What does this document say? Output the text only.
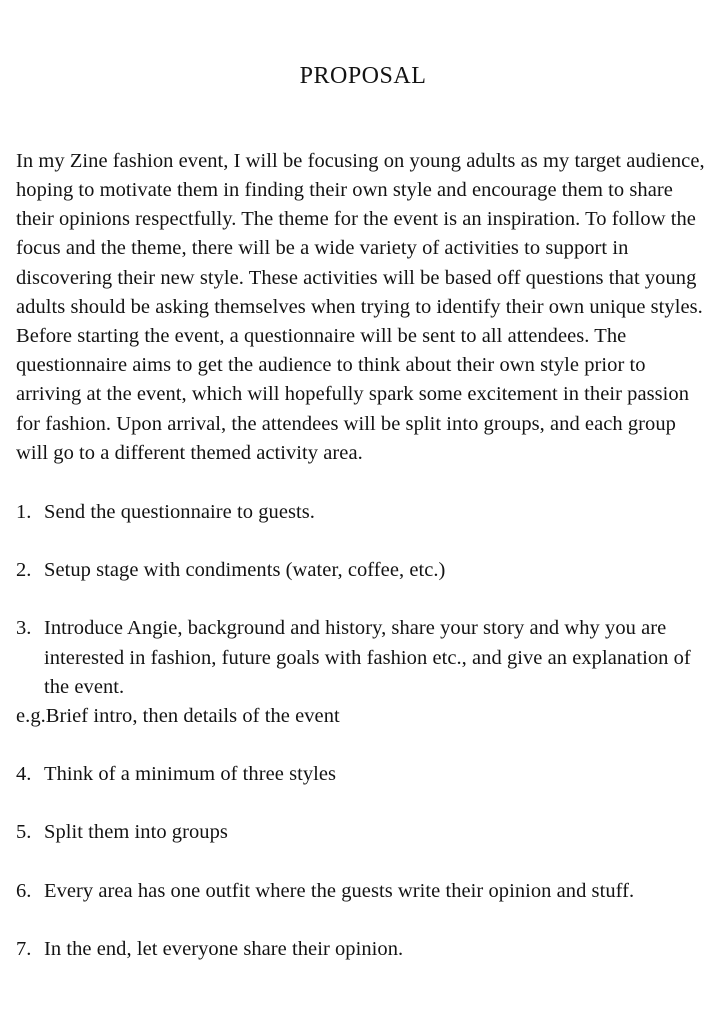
PROPOSAL

In my Zine fashion event, I will be focusing on young adults as my target audience, hoping to motivate them in finding their own style and encourage them to share their opinions respectfully. The theme for the event is an inspiration. To follow the focus and the theme, there will be a wide variety of activities to support in discovering their new style. These activities will be based off questions that young adults should be asking themselves when trying to identify their own unique styles. Before starting the event, a questionnaire will be sent to all attendees. The questionnaire aims to get the audience to think about their own style prior to arriving at the event, which will hopefully spark some excitement in their passion for fashion. Upon arrival, the attendees will be split into groups, and each group will go to a different themed activity area.

1. Send the questionnaire to guests.
2. Setup stage with condiments (water, coffee, etc.)
3. Introduce Angie, background and history, share your story and why you are interested in fashion, future goals with fashion etc., and give an explanation of the event.
e.g.Brief intro, then details of the event
4. Think of a minimum of three styles
5. Split them into groups
6. Every area has one outfit where the guests write their opinion and stuff.
7. In the end, let everyone share their opinion.
